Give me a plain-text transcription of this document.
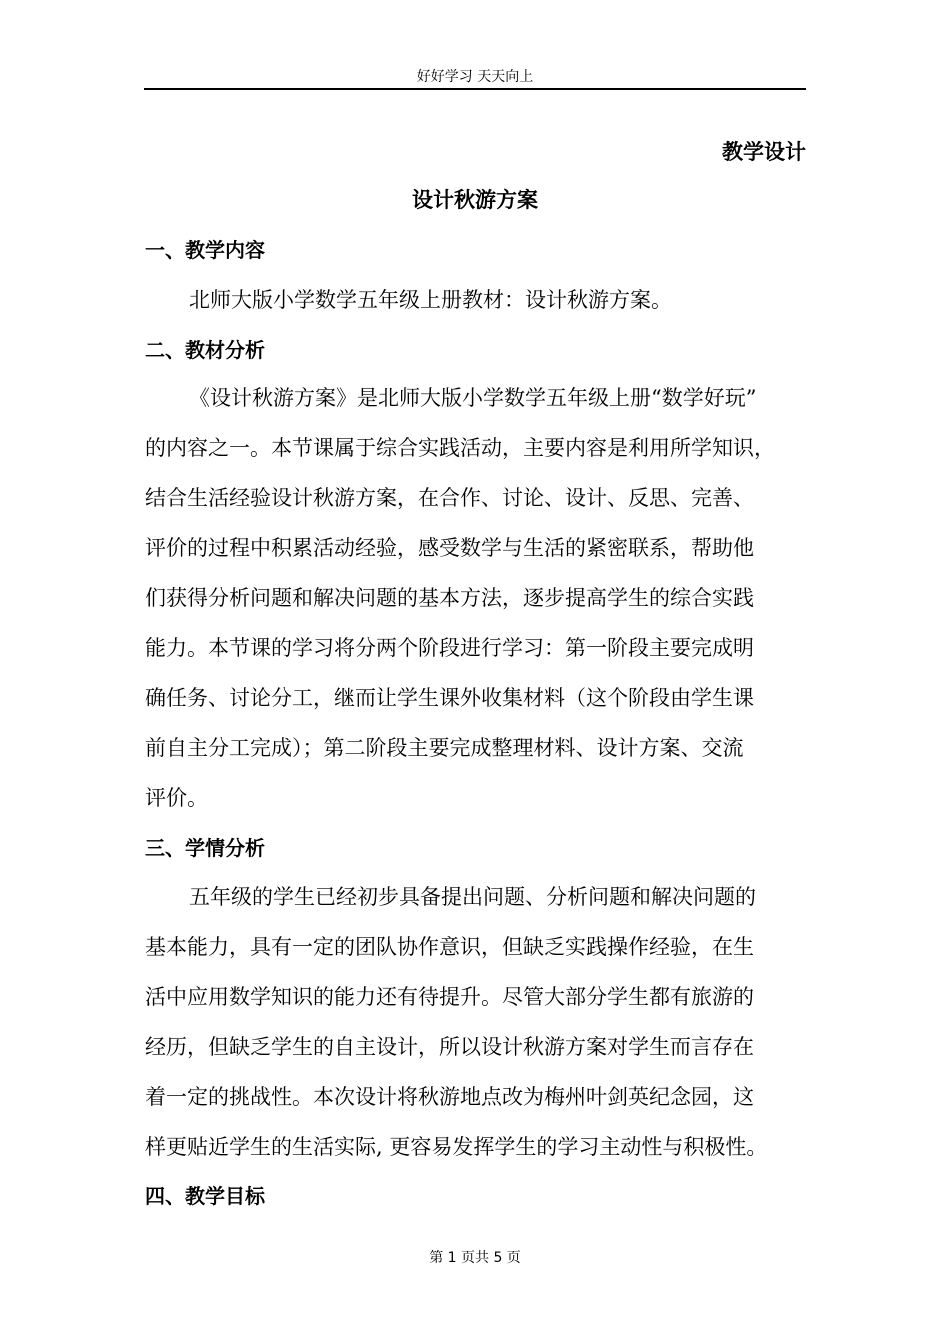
好好学习 天天向上
教学设计
设计秋游方案
一、教学内容
北师大版小学数学五年级上册教材：设计秋游方案。
二、教材分析
《设计秋游方案》是北师大版小学数学五年级上册“数学好玩”
的内容之一。本节课属于综合实践活动，主要内容是利用所学知识，
结合生活经验设计秋游方案，在合作、讨论、设计、反思、完善、
评价的过程中积累活动经验，感受数学与生活的紧密联系，帮助他
们获得分析问题和解决问题的基本方法，逐步提高学生的综合实践
能力。本节课的学习将分两个阶段进行学习：第一阶段主要完成明
确任务、讨论分工，继而让学生课外收集材料（这个阶段由学生课
前自主分工完成）；第二阶段主要完成整理材料、设计方案、交流
评价。
三、学情分析
五年级的学生已经初步具备提出问题、分析问题和解决问题的
基本能力，具有一定的团队协作意识，但缺乏实践操作经验，在生
活中应用数学知识的能力还有待提升。尽管大部分学生都有旅游的
经历，但缺乏学生的自主设计，所以设计秋游方案对学生而言存在
着一定的挑战性。本次设计将秋游地点改为梅州叶剑英纪念园，这
样更贴近学生的生活实际, 更容易发挥学生的学习主动性与积极性。
四、教学目标
第 1 页共 5 页
